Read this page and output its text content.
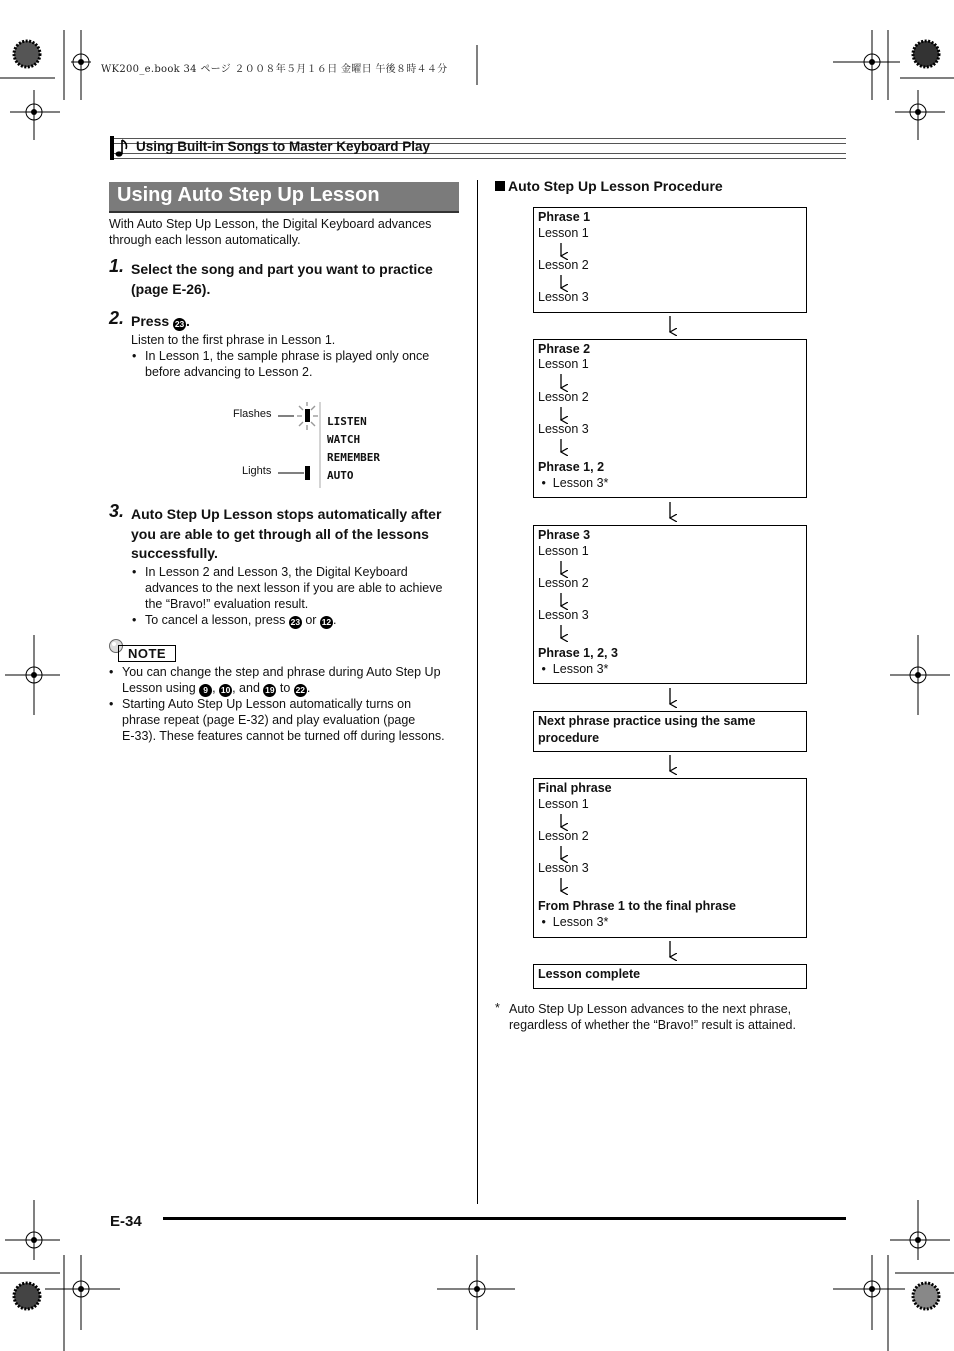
WK200_e.book 34 ページ ２００８年５月１６日 金曜日 午後８時４４分
Using Built-in Songs to Master Keyboard Play
Using Auto Step Up Lesson
With Auto Step Up Lesson, the Digital Keyboard advances
through each lesson automatically.
1. Select the song and part you want to practice
(page E-26).
2. Press 23 .
Listen to the first phrase in Lesson 1.
• In Lesson 1, the sample phrase is played only once
before advancing to Lesson 2.
Flashes
Lights
LISTEN
WATCH
REMEMBER
AUTO
3. Auto Step Up Lesson stops automatically after
you are able to get through all of the lessons
successfully.
• In Lesson 2 and Lesson 3, the Digital Keyboard
advances to the next lesson if you are able to achieve
the “Bravo!” evaluation result.
• To cancel a lesson, press 23 or 12 .
NOTE
• You can change the step and phrase during Auto Step Up
Lesson using 9 , 10 , and 19 to 22 .
• Starting Auto Step Up Lesson automatically turns on
phrase repeat (page E-32) and play evaluation (page
E-33). These features cannot be turned off during lessons.
Auto Step Up Lesson Procedure
Phrase 1
Lesson 1
Lesson 2
Lesson 3
Phrase 2
Lesson 1
Lesson 2
Lesson 3
Phrase 1, 2
•  Lesson 3*
Phrase 3
Lesson 1
Lesson 2
Lesson 3
Phrase 1, 2, 3
•  Lesson 3*
Next phrase practice using the same
procedure
Final phrase
Lesson 1
Lesson 2
Lesson 3
From Phrase 1 to the final phrase
•  Lesson 3*
Lesson complete
* Auto Step Up Lesson advances to the next phrase,
regardless of whether the “Bravo!” result is attained.
E-34
